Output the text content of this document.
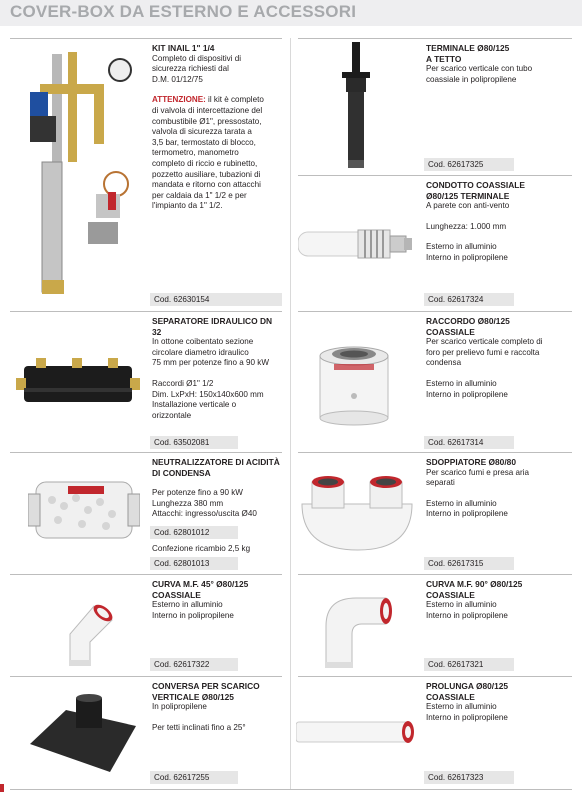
COVER-BOX DA ESTERNO E ACCESSORI
KIT INAIL 1" 1/4

Completo di dispositivi di
sicurezza richiesti dal
D.M. 01/12/75

ATTENZIONE: il kit è completo
di valvola di intercettazione del
combustibile Ø1", pressostato,
valvola di sicurezza tarata a
3,5 bar, termostato di blocco,
termometro, manometro
completo di riccio e rubinetto,
pozzetto ausiliare, tubazioni di
mandata e ritorno con attacchi
per caldaia da 1" 1/2 e per
l'impianto da 1" 1/2.
Cod. 62630154
SEPARATORE IDRAULICO DN 32

In ottone coibentato sezione
circolare diametro idraulico
75 mm per potenze fino a 90 kW

Raccordi Ø1" 1/2
Dim. LxPxH: 150x140x600 mm
Installazione verticale o
orizzontale

Cod. 63502081
NEUTRALIZZATORE DI ACIDITÀ
DI CONDENSA

Per potenze fino a 90 kW
Lunghezza 380 mm
Attacchi: ingresso/uscita Ø40

Cod. 62801012
Confezione ricambio 2,5 kg
Cod. 62801013
CURVA M.F. 45° Ø80/125
COASSIALE

Esterno in alluminio
Interno in polipropilene

Cod. 62617322
CONVERSA PER SCARICO
VERTICALE Ø80/125

In polipropilene

Per tetti inclinati fino a 25°

Cod. 62617255
TERMINALE Ø80/125
A TETTO

Per scarico verticale con tubo
coassiale in polipropilene

Cod. 62617325
CONDOTTO COASSIALE
Ø80/125 TERMINALE

A parete con anti-vento

Lunghezza: 1.000 mm

Esterno in alluminio
Interno in polipropilene

Cod. 62617324
RACCORDO Ø80/125
COASSIALE

Per scarico verticale completo di
foro per prelievo fumi e raccolta
condensa

Esterno in alluminio
Interno in polipropilene

Cod. 62617314
SDOPPIATORE Ø80/80

Per scarico fumi e presa aria
separati

Esterno in alluminio
Interno in polipropilene

Cod. 62617315
CURVA M.F. 90° Ø80/125
COASSIALE

Esterno in alluminio
Interno in polipropilene

Cod. 62617321
PROLUNGA Ø80/125
COASSIALE

Esterno in alluminio
Interno in polipropilene

Cod. 62617323
